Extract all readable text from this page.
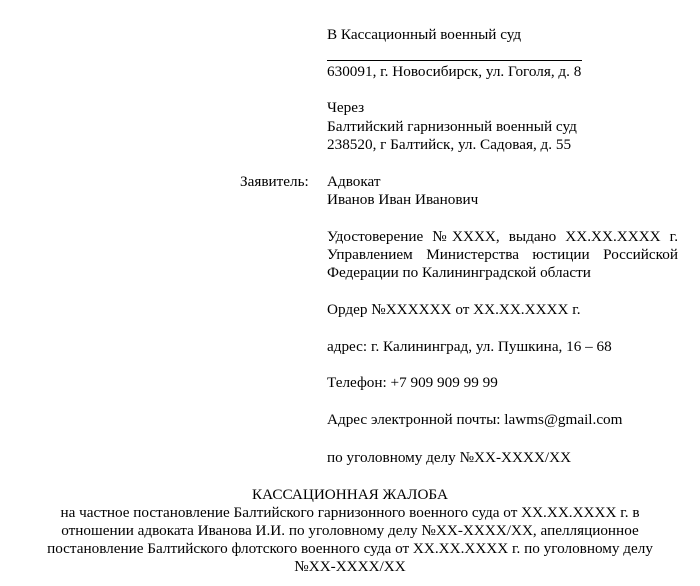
В Кассационный военный суд
630091, г. Новосибирск, ул. Гоголя, д. 8
Через
Балтийский гарнизонный военный суд
238520, г Балтийск, ул. Садовая, д. 55
Заявитель: Адвокат
Иванов Иван Иванович
Удостоверение №XXXX, выдано XX.XX.XXXX г.
Управлением Министерства юстиции Российской
Федерации по Калининградской области
Ордер №XXXXXX от XX.XX.XXXX г.
адрес: г. Калининград, ул. Пушкина, 16 – 68
Телефон: +7 909 909 99 99
Адрес электронной почты: lawms@gmail.com
по уголовному делу №XX-XXXX/XX
КАССАЦИОННАЯ ЖАЛОБА
на частное постановление Балтийского гарнизонного военного суда от XX.XX.XXXX г. в
отношении адвоката Иванова И.И. по уголовному делу №XX-XXXX/XX, апелляционное
постановление Балтийского флотского военного суда от XX.XX.XXXX г. по уголовному делу
№XX-XXXX/XX
